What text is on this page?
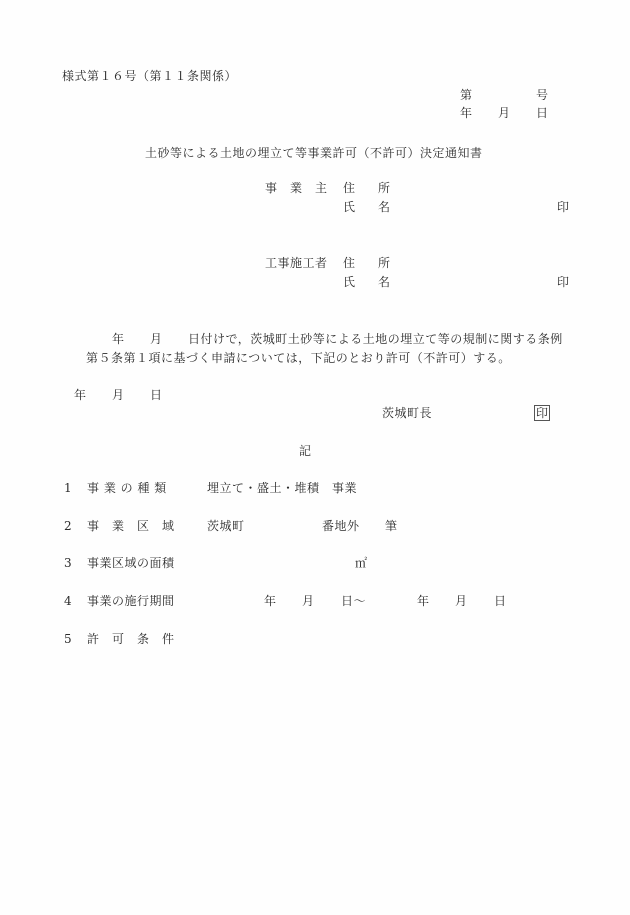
様式第１６号（第１１条関係）
第	号
年 月 日
土砂等による土地の埋立て等事業許可（不許可）決定通知書
事　業　主 住 所
氏 名	印
工事施工者 住 所
氏 名	印
年 月 日付けで，茨城町土砂等による土地の埋立て等の規制に関する条例
第５条第１項に基づく申請については，下記のとおり許可（不許可）する。
年 月 日
茨城町長	印
記
1 事 業 の 種 類	埋立て・盛土・堆積　事業
2 事　業　区　域	茨城町	番地外 筆
3 事業区域の面積	㎡
4 事業の施行期間	年 月 日～	年 月 日
5 許　可　条　件
